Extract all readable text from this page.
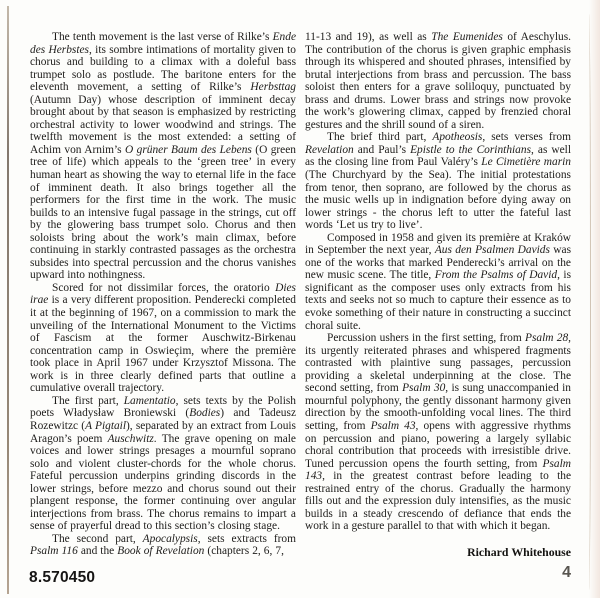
The tenth movement is the last verse of Rilke’s Ende des Herbstes, its sombre intimations of mortality given to chorus and building to a climax with a doleful bass trumpet solo as postlude. The baritone enters for the eleventh movement, a setting of Rilke’s Herbsttag (Autumn Day) whose description of imminent decay brought about by that season is emphasized by restricting orchestral activity to lower woodwind and strings. The twelfth movement is the most extended: a setting of Achim von Arnim’s O grüner Baum des Lebens (O green tree of life) which appeals to the ‘green tree’ in every human heart as showing the way to eternal life in the face of imminent death. It also brings together all the performers for the first time in the work. The music builds to an intensive fugal passage in the strings, cut off by the glowering bass trumpet solo. Chorus and then soloists bring about the work’s main climax, before continuing in starkly contrasted passages as the orchestra subsides into spectral percussion and the chorus vanishes upward into nothingness.

Scored for not dissimilar forces, the oratorio Dies irae is a very different proposition. Penderecki completed it at the beginning of 1967, on a commission to mark the unveiling of the International Monument to the Victims of Fascism at the former Auschwitz-Birkenau concentration camp in Oswieçim, where the première took place in April 1967 under Krzysztof Missona. The work is in three clearly defined parts that outline a cumulative overall trajectory.

The first part, Lamentatio, sets texts by the Polish poets Władysław Broniewski (Bodies) and Tadeusz Rozewitzc (A Pigtail), separated by an extract from Louis Aragon’s poem Auschwitz. The grave opening on male voices and lower strings presages a mournful soprano solo and violent cluster-chords for the whole chorus. Fateful percussion underpins grinding discords in the lower strings, before mezzo and chorus sound out their plangent response, the former continuing over angular interjections from brass. The chorus remains to impart a sense of prayerful dread to this section’s closing stage.

The second part, Apocalypsis, sets extracts from Psalm 116 and the Book of Revelation (chapters 2, 6, 7,

11-13 and 19), as well as The Eumenides of Aeschylus. The contribution of the chorus is given graphic emphasis through its whispered and shouted phrases, intensified by brutal interjections from brass and percussion. The bass soloist then enters for a grave soliloquy, punctuated by brass and drums. Lower brass and strings now provoke the work’s glowering climax, capped by frenzied choral gestures and the shrill sound of a siren.

The brief third part, Apotheosis, sets verses from Revelation and Paul’s Epistle to the Corinthians, as well as the closing line from Paul Valéry’s Le Cimetière marin (The Churchyard by the Sea). The initial protestations from tenor, then soprano, are followed by the chorus as the music wells up in indignation before dying away on lower strings - the chorus left to utter the fateful last words ‘Let us try to live’.

Composed in 1958 and given its première at Kraków in September the next year, Aus den Psalmen Davids was one of the works that marked Penderecki’s arrival on the new music scene. The title, From the Psalms of David, is significant as the composer uses only extracts from his texts and seeks not so much to capture their essence as to evoke something of their nature in constructing a succinct choral suite.

Percussion ushers in the first setting, from Psalm 28, its urgently reiterated phrases and whispered fragments contrasted with plaintive sung passages, percussion providing a skeletal underpinning at the close. The second setting, from Psalm 30, is sung unaccompanied in mournful polyphony, the gently dissonant harmony given direction by the smooth-unfolding vocal lines. The third setting, from Psalm 43, opens with aggressive rhythms on percussion and piano, powering a largely syllabic choral contribution that proceeds with irresistible drive. Tuned percussion opens the fourth setting, from Psalm 143, in the greatest contrast before leading to the restrained entry of the chorus. Gradually the harmony fills out and the expression duly intensifies, as the music builds in a steady crescendo of defiance that ends the work in a gesture parallel to that with which it began.

Richard Whitehouse
8.570450	4
